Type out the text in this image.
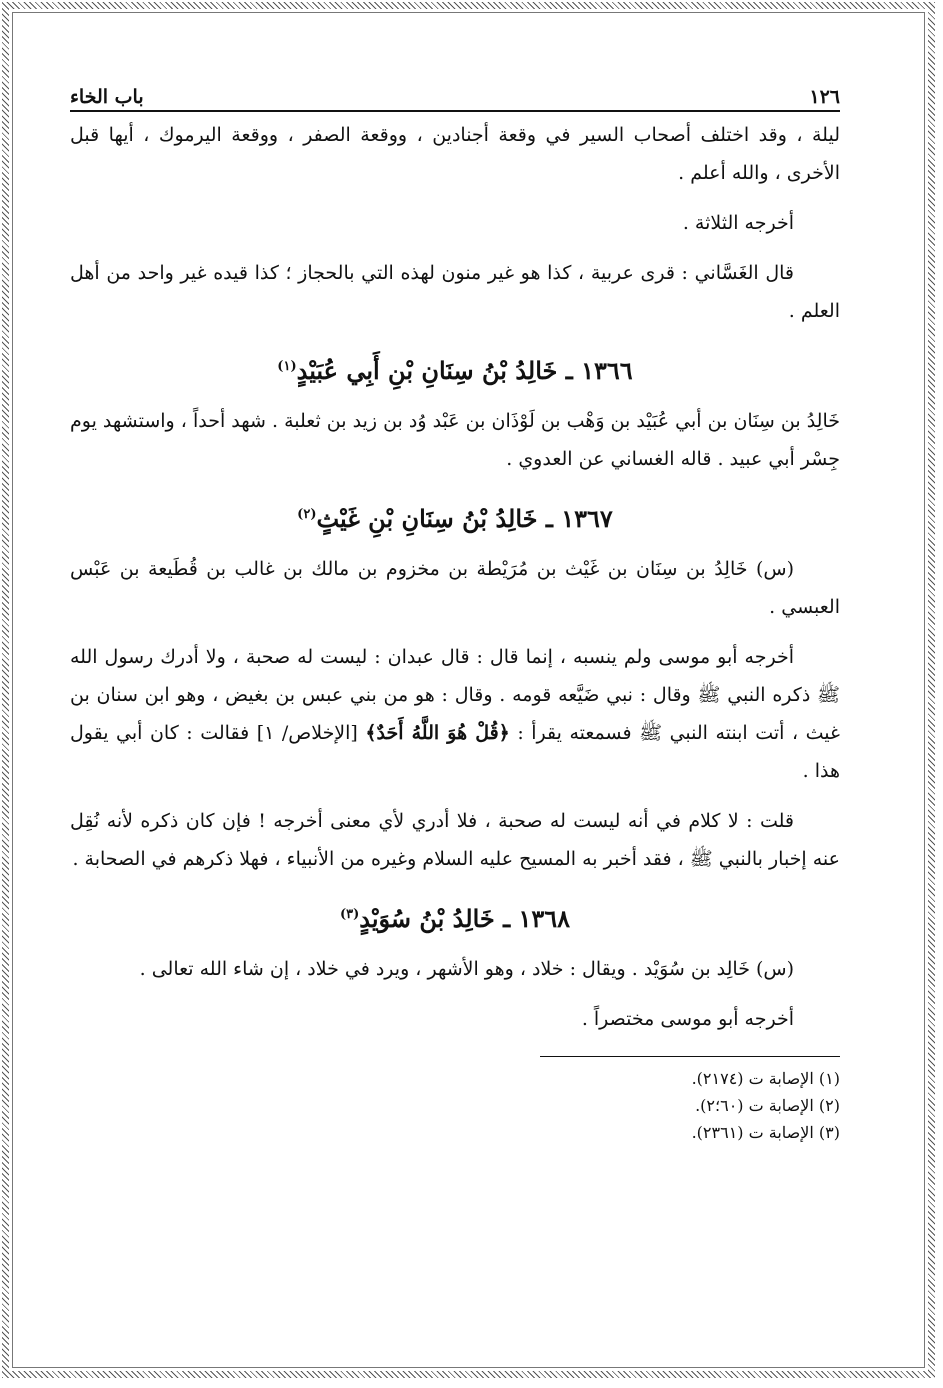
١٢٦
باب الخاء

ليلة ، وقد اختلف أصحاب السير في وقعة أجنادين ، ووقعة الصفر ، ووقعة اليرموك ، أيها قبل الأخرى ، والله أعلم .

أخرجه الثلاثة .

قال الغَسَّاني : قرى عربية ، كذا هو غير منون لهذه التي بالحجاز ؛ كذا قيده غير واحد من أهل العلم .

١٣٦٦ ـ خَالِدُ بْنُ سِنَانِ بْنِ أَبِي عُبَيْدٍ$^{(١)}$

خَالِدُ بن سِنَان بن أبي عُبَيْد بن وَهْب بن لَوْذَان بن عَبْد وُد بن زيد بن ثعلبة . شهد أحداً ، واستشهد يوم جِسْر أبي عبيد . قاله الغساني عن العدوي .

١٣٦٧ ـ خَالِدُ بْنُ سِنَانِ بْنِ غَيْثٍ$^{(٢)}$

(س) خَالِدُ بن سِنَان بن غَيْث بن مُرَيْطة بن مخزوم بن مالك بن غالب بن قُطَيعة بن عَبْس العبسي .

أخرجه أبو موسى ولم ينسبه ، إنما قال : قال عبدان : ليست له صحبة ، ولا أدرك رسول الله ﷺ ذكره النبي ﷺ وقال : نبي ضَيَّعه قومه . وقال : هو من بني عبس بن بغيض ، وهو ابن سنان بن غيث ، أتت ابنته النبي ﷺ فسمعته يقرأ : ﴿قُلْ هُوَ اللَّهُ أَحَدٌ﴾ [الإخلاص/ ١] فقالت : كان أبي يقول هذا .

قلت : لا كلام في أنه ليست له صحبة ، فلا أدري لأي معنى أخرجه ! فإن كان ذكره لأنه نُقِل عنه إخبار بالنبي ﷺ ، فقد أخبر به المسيح عليه السلام وغيره من الأنبياء ، فهلا ذكرهم في الصحابة .

١٣٦٨ ـ خَالِدُ بْنُ سُوَيْدٍ$^{(٣)}$

(س) خَالِد بن سُوَيْد . ويقال : خلاد ، وهو الأشهر ، ويرد في خلاد ، إن شاء الله تعالى .

أخرجه أبو موسى مختصراً .

(١) الإصابة ت (٢١٧٤).
(٢) الإصابة ت (٦٠؛٢).
(٣) الإصابة ت (٢٣٦١).
